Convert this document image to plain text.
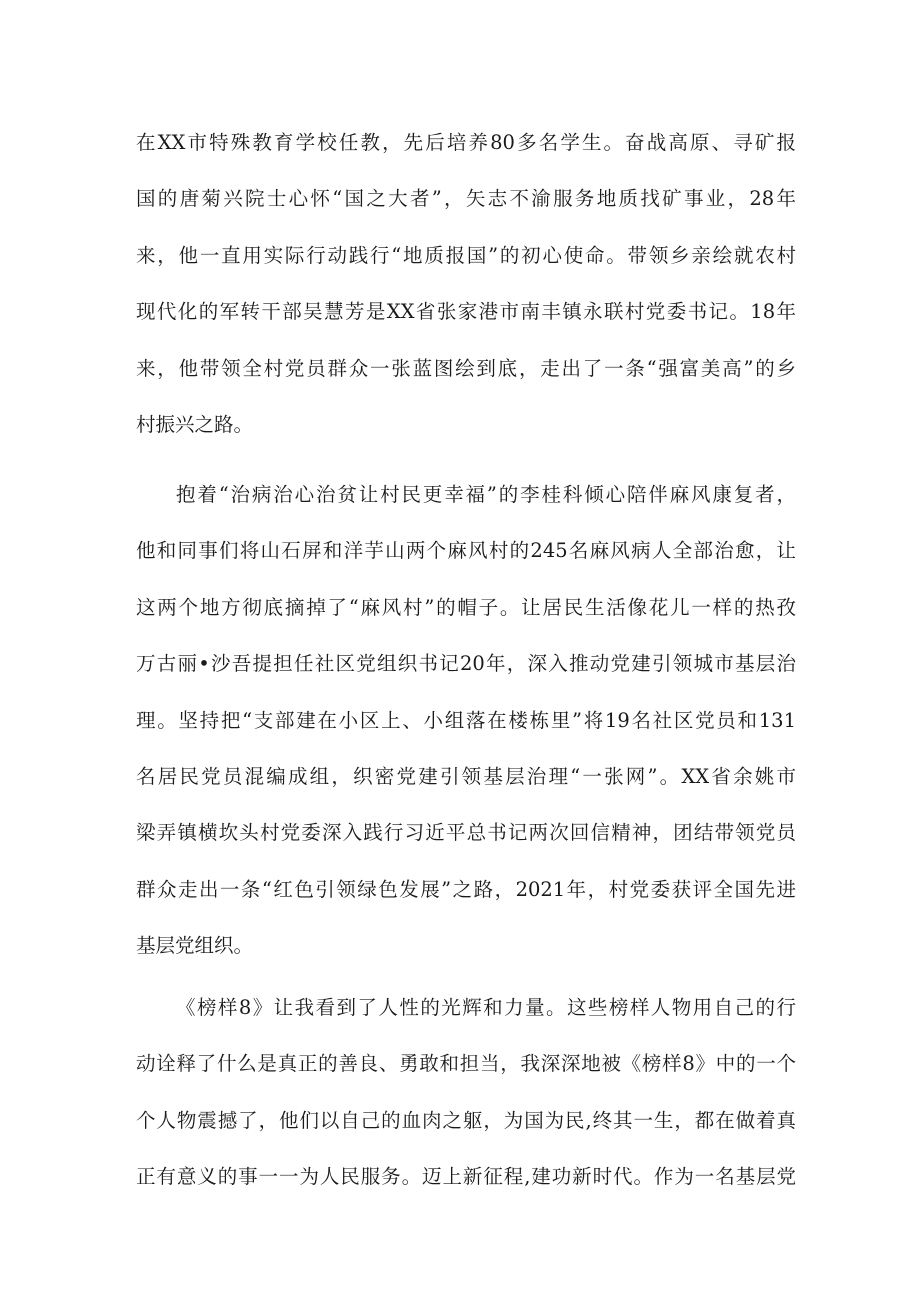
在XX市特殊教育学校任教，先后培养80多名学生。奋战高原、寻矿报
国的唐菊兴院士心怀“国之大者”，矢志不渝服务地质找矿事业，28年
来，他一直用实际行动践行“地质报国”的初心使命。带领乡亲绘就农村
现代化的军转干部吴慧芳是XX省张家港市南丰镇永联村党委书记。18年
来，他带领全村党员群众一张蓝图绘到底，走出了一条“强富美高”的乡
村振兴之路。
抱着“治病治心治贫让村民更幸福”的李桂科倾心陪伴麻风康复者，
他和同事们将山石屏和洋芋山两个麻风村的245名麻风病人全部治愈，让
这两个地方彻底摘掉了“麻风村”的帽子。让居民生活像花儿一样的热孜
万古丽•沙吾提担任社区党组织书记20年，深入推动党建引领城市基层治
理。坚持把“支部建在小区上、小组落在楼栋里”将19名社区党员和131
名居民党员混编成组，织密党建引领基层治理“一张网”。XX省余姚市
梁弄镇横坎头村党委深入践行习近平总书记两次回信精神，团结带领党员
群众走出一条“红色引领绿色发展”之路，2021年，村党委获评全国先进
基层党组织。
《榜样8》让我看到了人性的光辉和力量。这些榜样人物用自己的行
动诠释了什么是真正的善良、勇敢和担当，我深深地被《榜样8》中的一个
个人物震撼了，他们以自己的血肉之躯，为国为民,终其一生，都在做着真
正有意义的事一一为人民服务。迈上新征程,建功新时代。作为一名基层党
